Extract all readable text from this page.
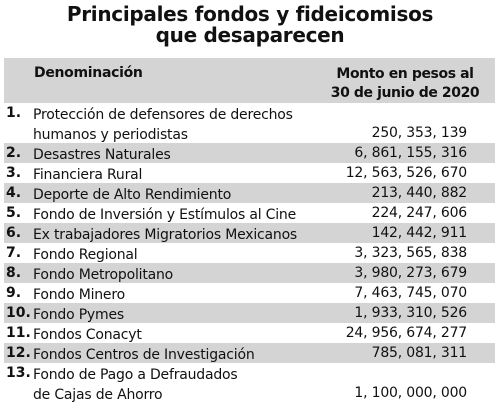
Principales fondos y fideicomisos
que desaparecen
Denominación	Monto en pesos al
30 de junio de 2020
1. Protección de defensores de derechos
humanos y periodistas	250, 353, 139
2. Desastres Naturales	6, 861, 155, 316
3. Financiera Rural	12, 563, 526, 670
4. Deporte de Alto Rendimiento	213, 440, 882
5. Fondo de Inversión y Estímulos al Cine	224, 247, 606
6. Ex trabajadores Migratorios Mexicanos	142, 442, 911
7. Fondo Regional	3, 323, 565, 838
8. Fondo Metropolitano	3, 980, 273, 679
9. Fondo Minero	7, 463, 745, 070
10. Fondo Pymes	1, 933, 310, 526
11. Fondos Conacyt	24, 956, 674, 277
12. Fondos Centros de Investigación	785, 081, 311
13. Fondo de Pago a Defraudados
de Cajas de Ahorro	1, 100, 000, 000
